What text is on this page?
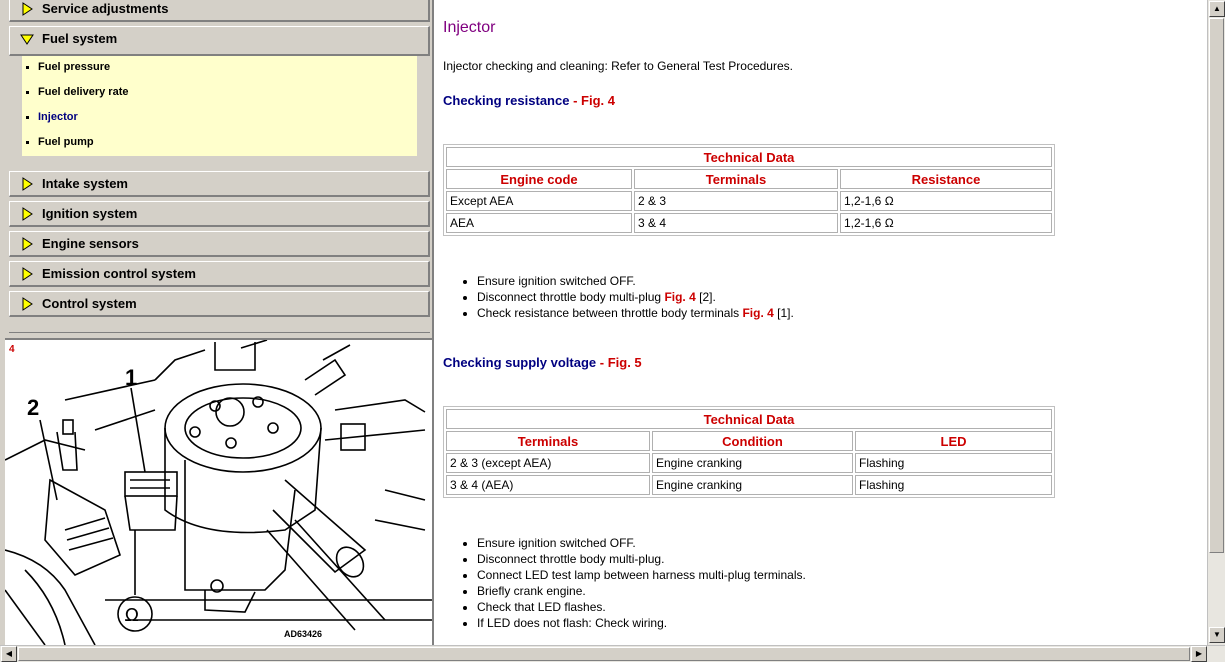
Service adjustments
Fuel system
Fuel pressure
Fuel delivery rate
Injector
Fuel pump
Intake system
Ignition system
Engine sensors
Emission control system
Control system
4
1
2
Ω
AD63426
Injector
Injector checking and cleaning: Refer to General Test Procedures.
Checking resistance - Fig. 4
Technical Data		
Engine code	Terminals	Resistance
Except AEA	2 & 3	1,2-1,6 Ω
AEA	3 & 4	1,2-1,6 Ω
• Ensure ignition switched OFF.
• Disconnect throttle body multi-plug Fig. 4 [2].
• Check resistance between throttle body terminals Fig. 4 [1].
Checking supply voltage - Fig. 5
Technical Data		
Terminals	Condition	LED
2 & 3 (except AEA)	Engine cranking	Flashing
3 & 4 (AEA)	Engine cranking	Flashing
• Ensure ignition switched OFF.
• Disconnect throttle body multi-plug.
• Connect LED test lamp between harness multi-plug terminals.
• Briefly crank engine.
• Check that LED flashes.
• If LED does not flash: Check wiring.
▲
▼
◀	▶
